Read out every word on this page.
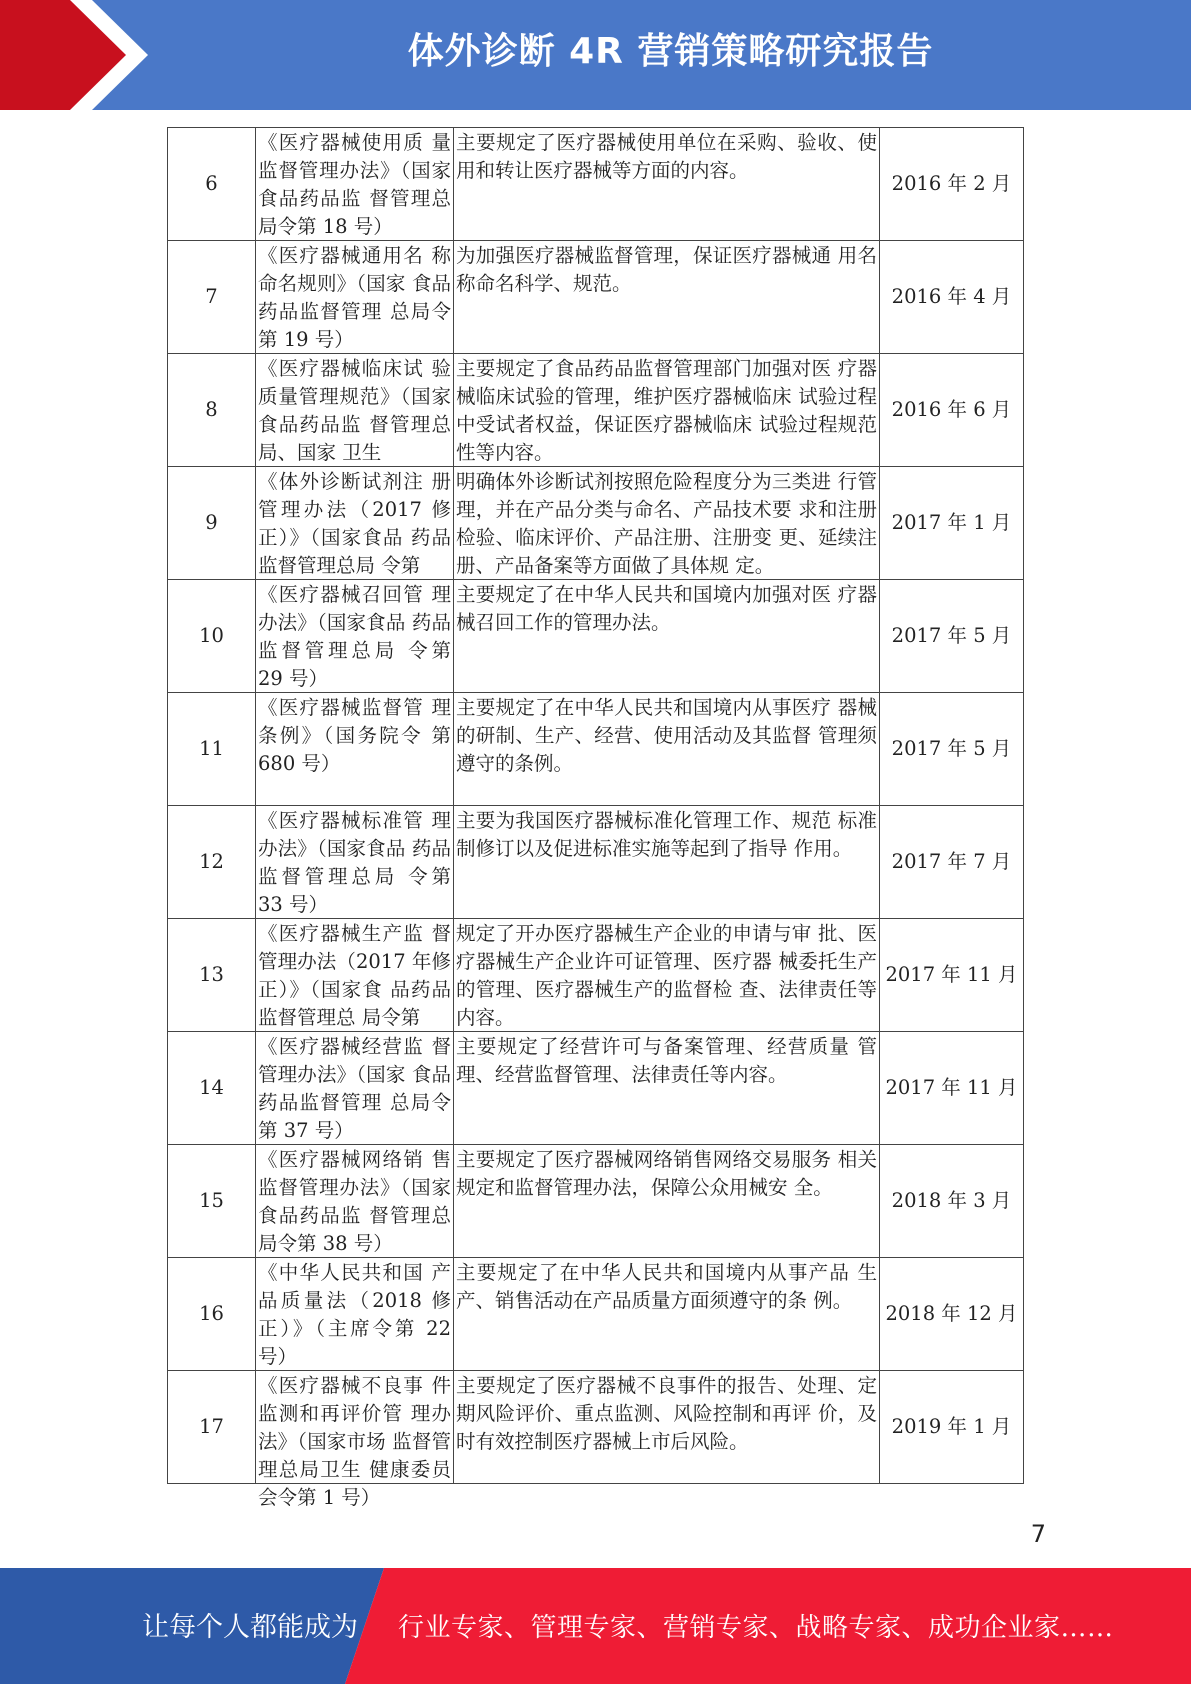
体外诊断 4R 营销策略研究报告
6	《医疗器械使用质 量监督管理办法》（国家食品药品监 督管理总局令第 18 号）	主要规定了医疗器械使用单位在采购、验收、使用和转让医疗器械等方面的内容。	2016 年 2 月

7	《医疗器械通用名 称命名规则》（国家 食品药品监督管理 总局令第 19 号）	为加强医疗器械监督管理，保证医疗器械通 用名称命名科学、规范。	2016 年 4 月

8	《医疗器械临床试 验质量管理规范》（国家食品药品监 督管理总局、国家 卫生	主要规定了食品药品监督管理部门加强对医 疗器械临床试验的管理，维护医疗器械临床 试验过程中受试者权益，保证医疗器械临床 试验过程规范性等内容。	2016 年 6 月

9	《体外诊断试剂注 册管理办法（2017 修正）》（国家食品 药品监督管理总局 令第	明确体外诊断试剂按照危险程度分为三类进 行管理，并在产品分类与命名、产品技术要 求和注册检验、临床评价、产品注册、注册变 更、延续注册、产品备案等方面做了具体规 定。	2017 年 1 月

10	《医疗器械召回管 理办法》（国家食品 药品监督管理总局 令第 29 号）	主要规定了在中华人民共和国境内加强对医 疗器械召回工作的管理办法。	2017 年 5 月

11	《医疗器械监督管 理条例》（国务院令 第 680 号）	主要规定了在中华人民共和国境内从事医疗 器械的研制、生产、经营、使用活动及其监督 管理须遵守的条例。	2017 年 5 月

12	《医疗器械标准管 理办法》（国家食品 药品监督管理总局 令第 33 号）	主要为我国医疗器械标准化管理工作、规范 标准制修订以及促进标准实施等起到了指导 作用。	2017 年 7 月

13	《医疗器械生产监 督管理办法（2017 年修正）》（国家食 品药品监督管理总 局令第	规定了开办医疗器械生产企业的申请与审 批、医疗器械生产企业许可证管理、医疗器 械委托生产的管理、医疗器械生产的监督检 查、法律责任等内容。	2017 年 11 月

14	《医疗器械经营监 督管理办法》（国家 食品药品监督管理 总局令第 37 号）	主要规定了经营许可与备案管理、经营质量 管理、经营监督管理、法律责任等内容。	2017 年 11 月

15	《医疗器械网络销 售监督管理办法》（国家食品药品监 督管理总局令第 38 号）	主要规定了医疗器械网络销售网络交易服务 相关规定和监督管理办法，保障公众用械安 全。	2018 年 3 月

16	《中华人民共和国 产品质量法（2018 修正）》（主席令第 22 号）	主要规定了在中华人民共和国境内从事产品 生产、销售活动在产品质量方面须遵守的条 例。	2018 年 12 月

17	《医疗器械不良事 件监测和再评价管 理办法》（国家市场 监督管理总局卫生 健康委员会令第 1 号）	主要规定了医疗器械不良事件的报告、处理、定期风险评价、重点监测、风险控制和再评 价，及时有效控制医疗器械上市后风险。	2019 年 1 月
7
让每个人都能成为 行业专家、管理专家、营销专家、战略专家、成功企业家……
